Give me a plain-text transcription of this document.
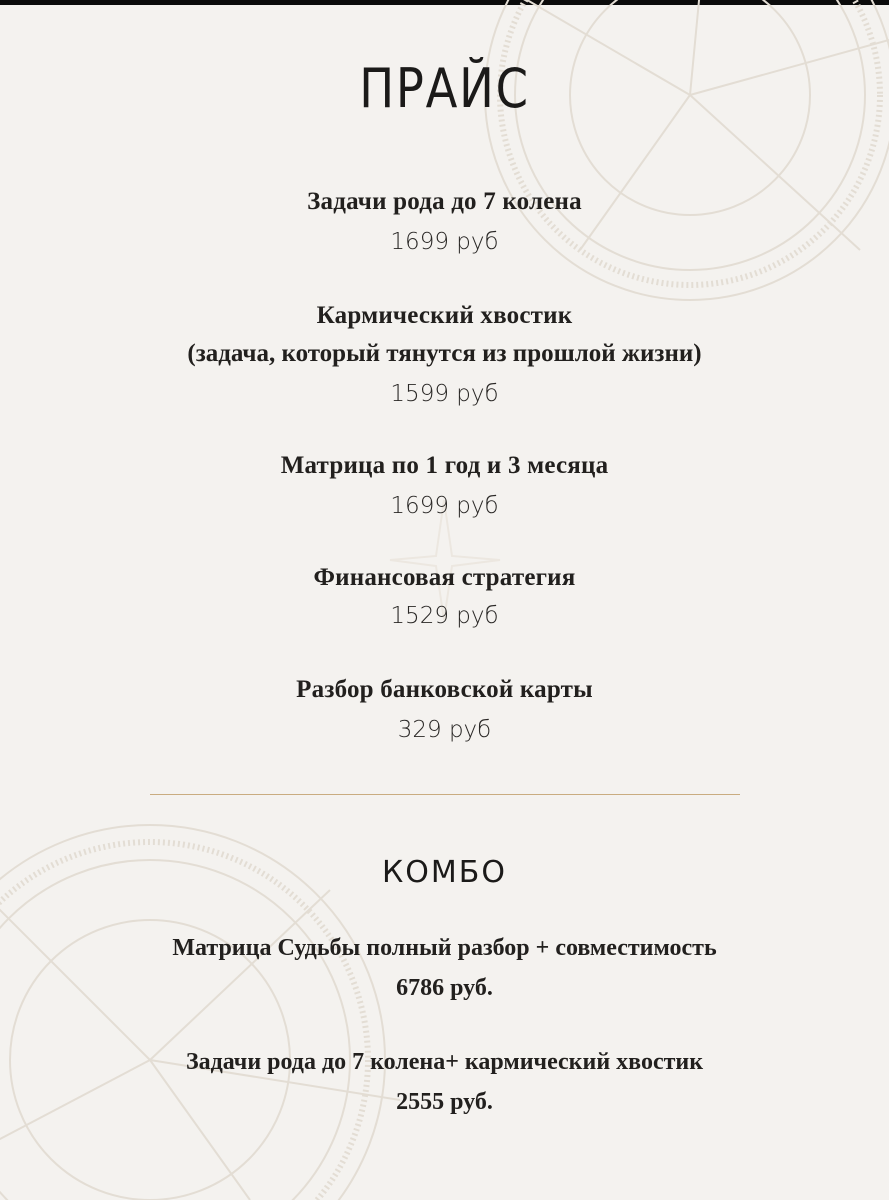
ПРАЙС
Задачи рода до 7 колена
1699 руб
Кармический хвостик
(задача, который тянутся из прошлой жизни)
1599 руб
Матрица по 1 год и 3 месяца
1699 руб
Финансовая стратегия
1529 руб
Разбор банковской карты
329 руб
КОМБО
Матрица Судьбы полный разбор + совместимость
6786 руб.
Задачи рода до 7 колена+ кармический хвостик
2555 руб.
